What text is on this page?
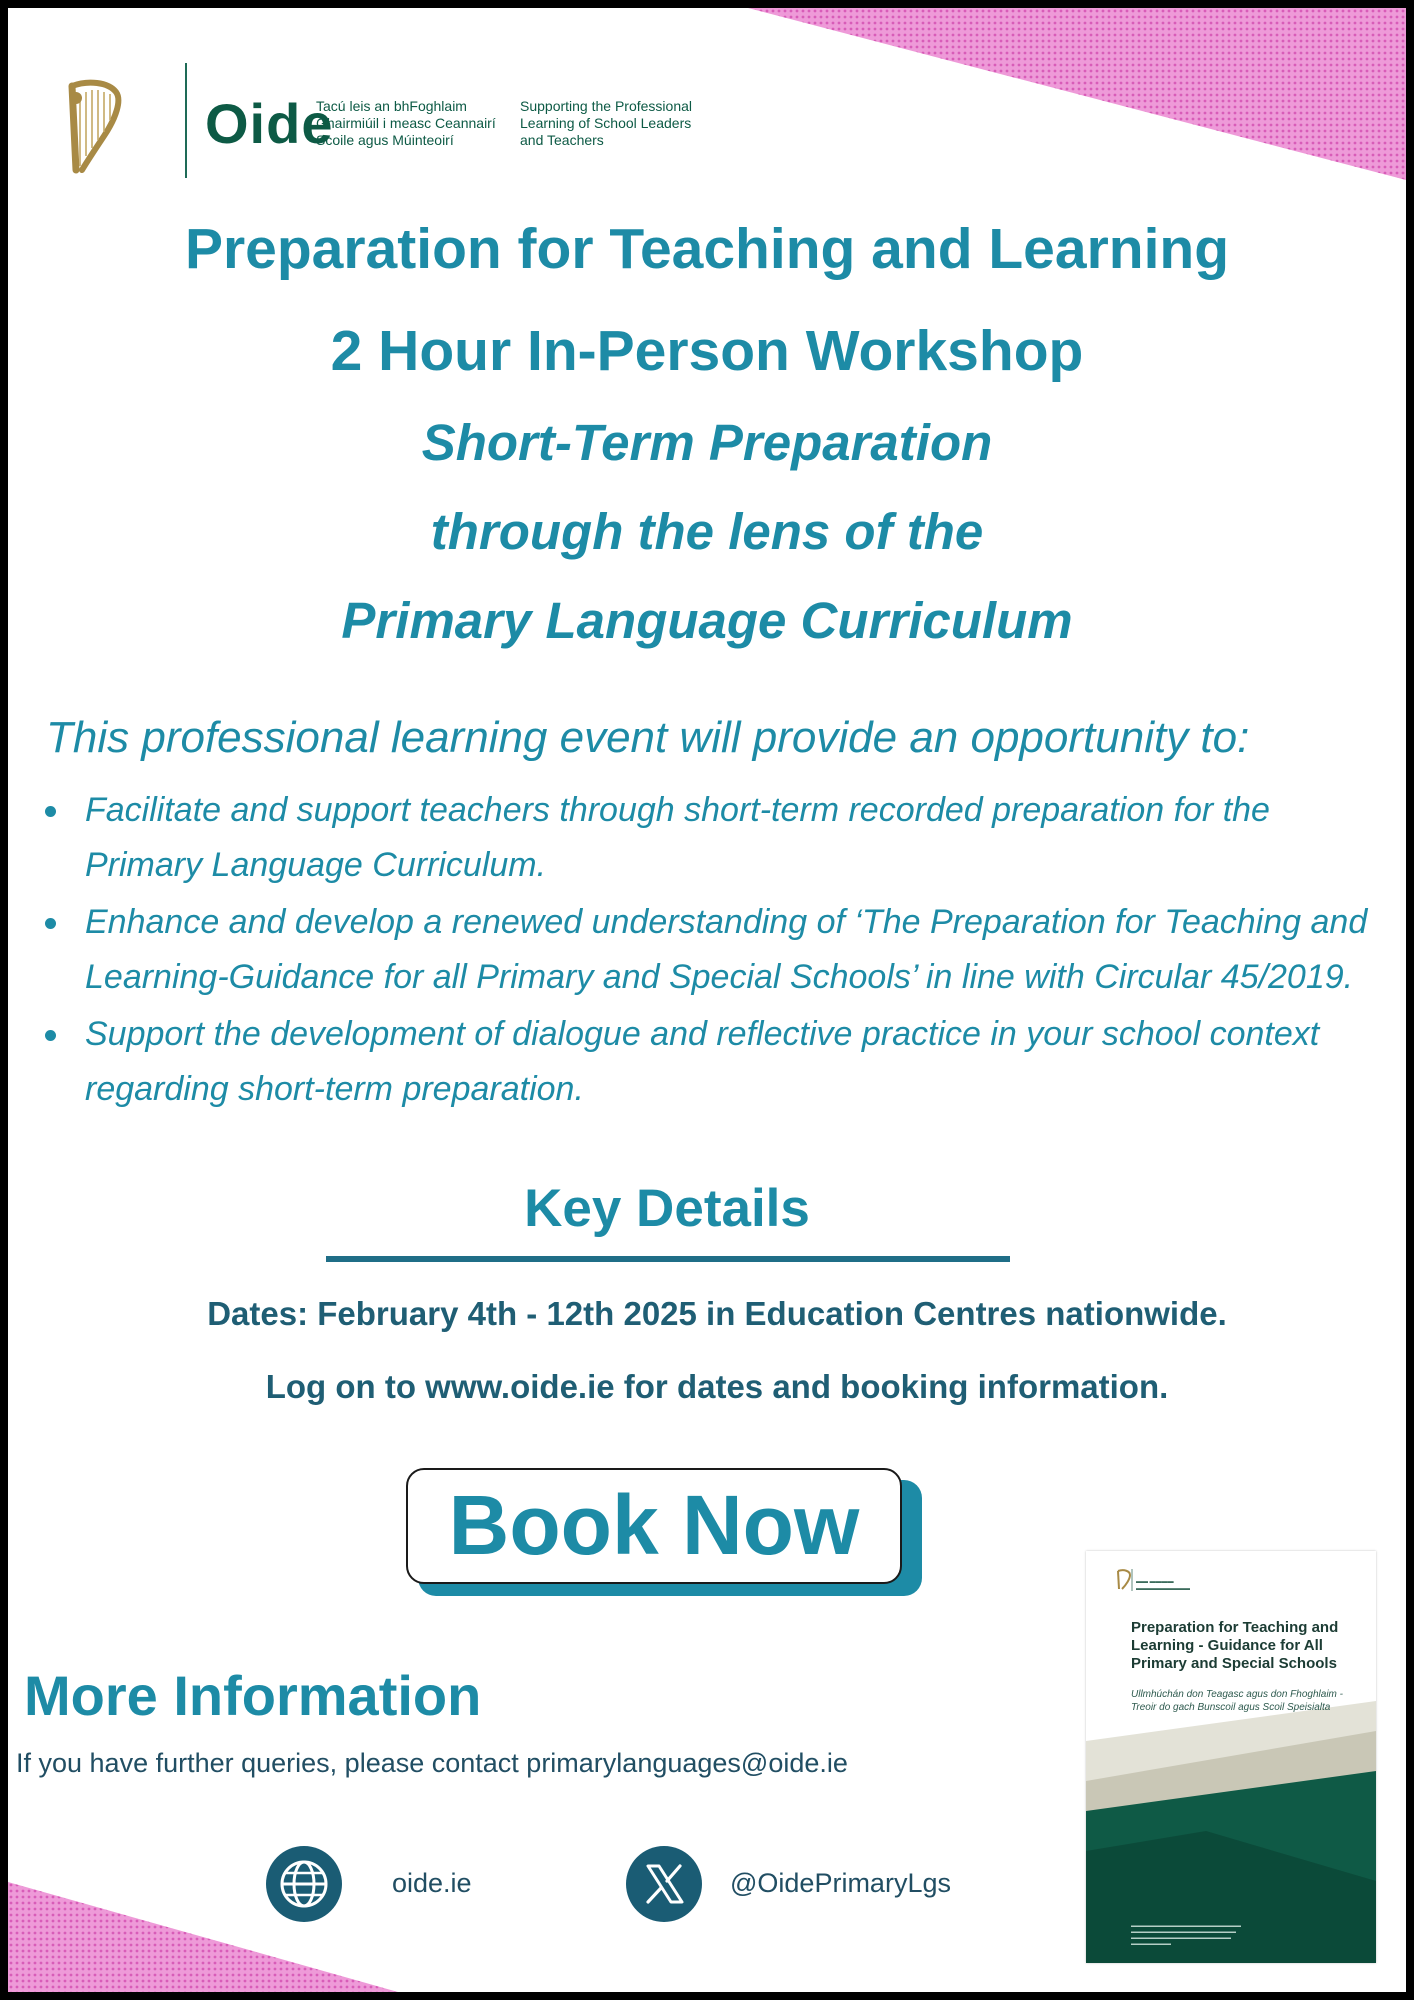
Oide
Tacú leis an bhFoghlaim
Ghairmiúil i measc Ceannairí
Scoile agus Múinteoirí
Supporting the Professional
Learning of School Leaders
and Teachers
Preparation for Teaching and Learning
2 Hour In-Person Workshop
Short-Term Preparation
through the lens of the
Primary Language Curriculum
This professional learning event will provide an opportunity to:
Facilitate and support teachers through short-term recorded preparation for the Primary Language Curriculum.
Enhance and develop a renewed understanding of ‘The Preparation for Teaching and Learning-Guidance for all Primary and Special Schools’ in line with Circular 45/2019.
Support the development of dialogue and reflective practice in your school context regarding short-term preparation.
Key Details
Dates: February 4th - 12th 2025 in Education Centres nationwide.
Log on to www.oide.ie for dates and booking information.
Book Now
More Information
If you have further queries, please contact primarylanguages@oide.ie
oide.ie	@OidePrimaryLgs
▬▬ ▬▬▬▬
▬▬▬▬▬▬▬▬▬
Preparation for Teaching and Learning - Guidance for All Primary and Special Schools
Ullmhúchán don Teagasc agus don Fhoghlaim - Treoir do gach Bunscoil agus Scoil Speisialta
▬▬▬▬▬▬▬▬▬▬▬▬▬▬▬▬▬▬▬▬▬▬
▬▬▬▬▬▬▬▬▬▬▬▬▬▬▬▬▬▬▬▬▬
▬▬▬▬▬▬▬▬▬▬▬▬▬▬▬▬▬▬▬▬
▬▬▬▬▬▬▬▬
